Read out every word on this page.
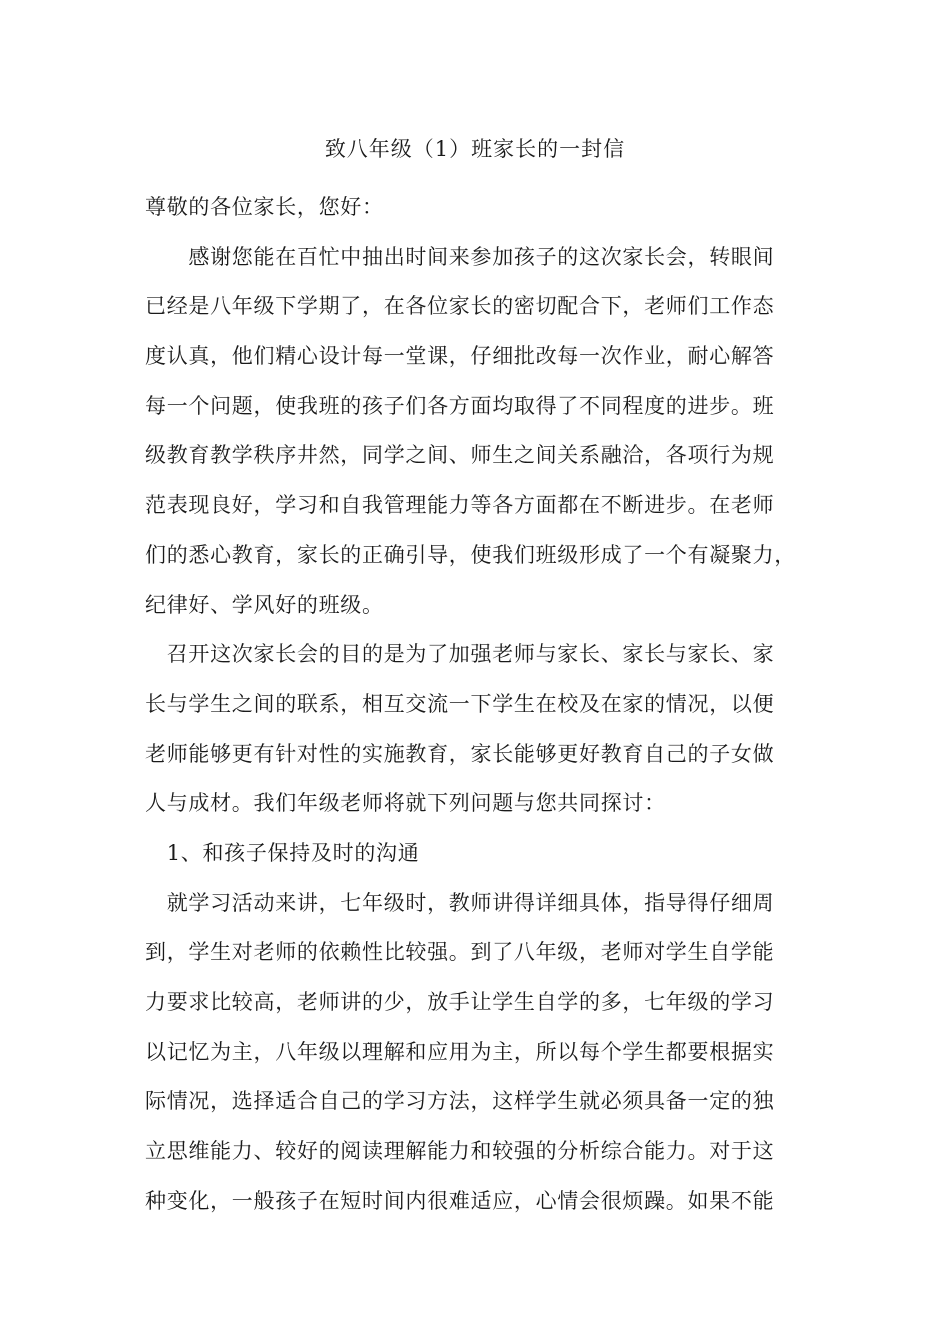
致八年级（1）班家长的一封信
尊敬的各位家长，您好：
　　感谢您能在百忙中抽出时间来参加孩子的这次家长会，转眼间
已经是八年级下学期了，在各位家长的密切配合下，老师们工作态
度认真，他们精心设计每一堂课，仔细批改每一次作业，耐心解答
每一个问题，使我班的孩子们各方面均取得了不同程度的进步。班
级教育教学秩序井然，同学之间、师生之间关系融洽，各项行为规
范表现良好，学习和自我管理能力等各方面都在不断进步。在老师
们的悉心教育，家长的正确引导，使我们班级形成了一个有凝聚力，
纪律好、学风好的班级。
　召开这次家长会的目的是为了加强老师与家长、家长与家长、家
长与学生之间的联系，相互交流一下学生在校及在家的情况，以便
老师能够更有针对性的实施教育，家长能够更好教育自己的子女做
人与成材。我们年级老师将就下列问题与您共同探讨：
　1、和孩子保持及时的沟通
　就学习活动来讲，七年级时，教师讲得详细具体，指导得仔细周
到，学生对老师的依赖性比较强。到了八年级，老师对学生自学能
力要求比较高，老师讲的少，放手让学生自学的多，七年级的学习
以记忆为主，八年级以理解和应用为主，所以每个学生都要根据实
际情况，选择适合自己的学习方法，这样学生就必须具备一定的独
立思维能力、较好的阅读理解能力和较强的分析综合能力。对于这
种变化，一般孩子在短时间内很难适应，心情会很烦躁。如果不能
